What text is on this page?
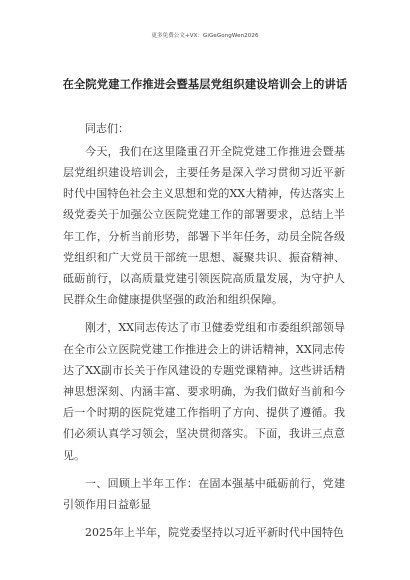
更多免费公文+VX：GiGeGongWen2026
在全院党建工作推进会暨基层党组织建设培训会上的讲话

同志们：

今天，我们在这里隆重召开全院党建工作推进会暨基层党组织建设培训会，主要任务是深入学习贯彻习近平新时代中国特色社会主义思想和党的XX大精神，传达落实上级党委关于加强公立医院党建工作的部署要求，总结上半年工作，分析当前形势，部署下半年任务，动员全院各级党组织和广大党员干部统一思想、凝聚共识、振奋精神、砥砺前行，以高质量党建引领医院高质量发展，为守护人民群众生命健康提供坚强的政治和组织保障。

刚才，XX同志传达了市卫健委党组和市委组织部领导在全市公立医院党建工作推进会上的讲话精神，XX同志传达了XX副市长关于作风建设的专题党课精神。这些讲话精神思想深刻、内涵丰富、要求明确，为我们做好当前和今后一个时期的医院党建工作指明了方向、提供了遵循。我们必须认真学习领会，坚决贯彻落实。下面，我讲三点意见。

一、回顾上半年工作：在固本强基中砥砺前行，党建引领作用日益彰显

2025年上半年，院党委坚持以习近平新时代中国特色
